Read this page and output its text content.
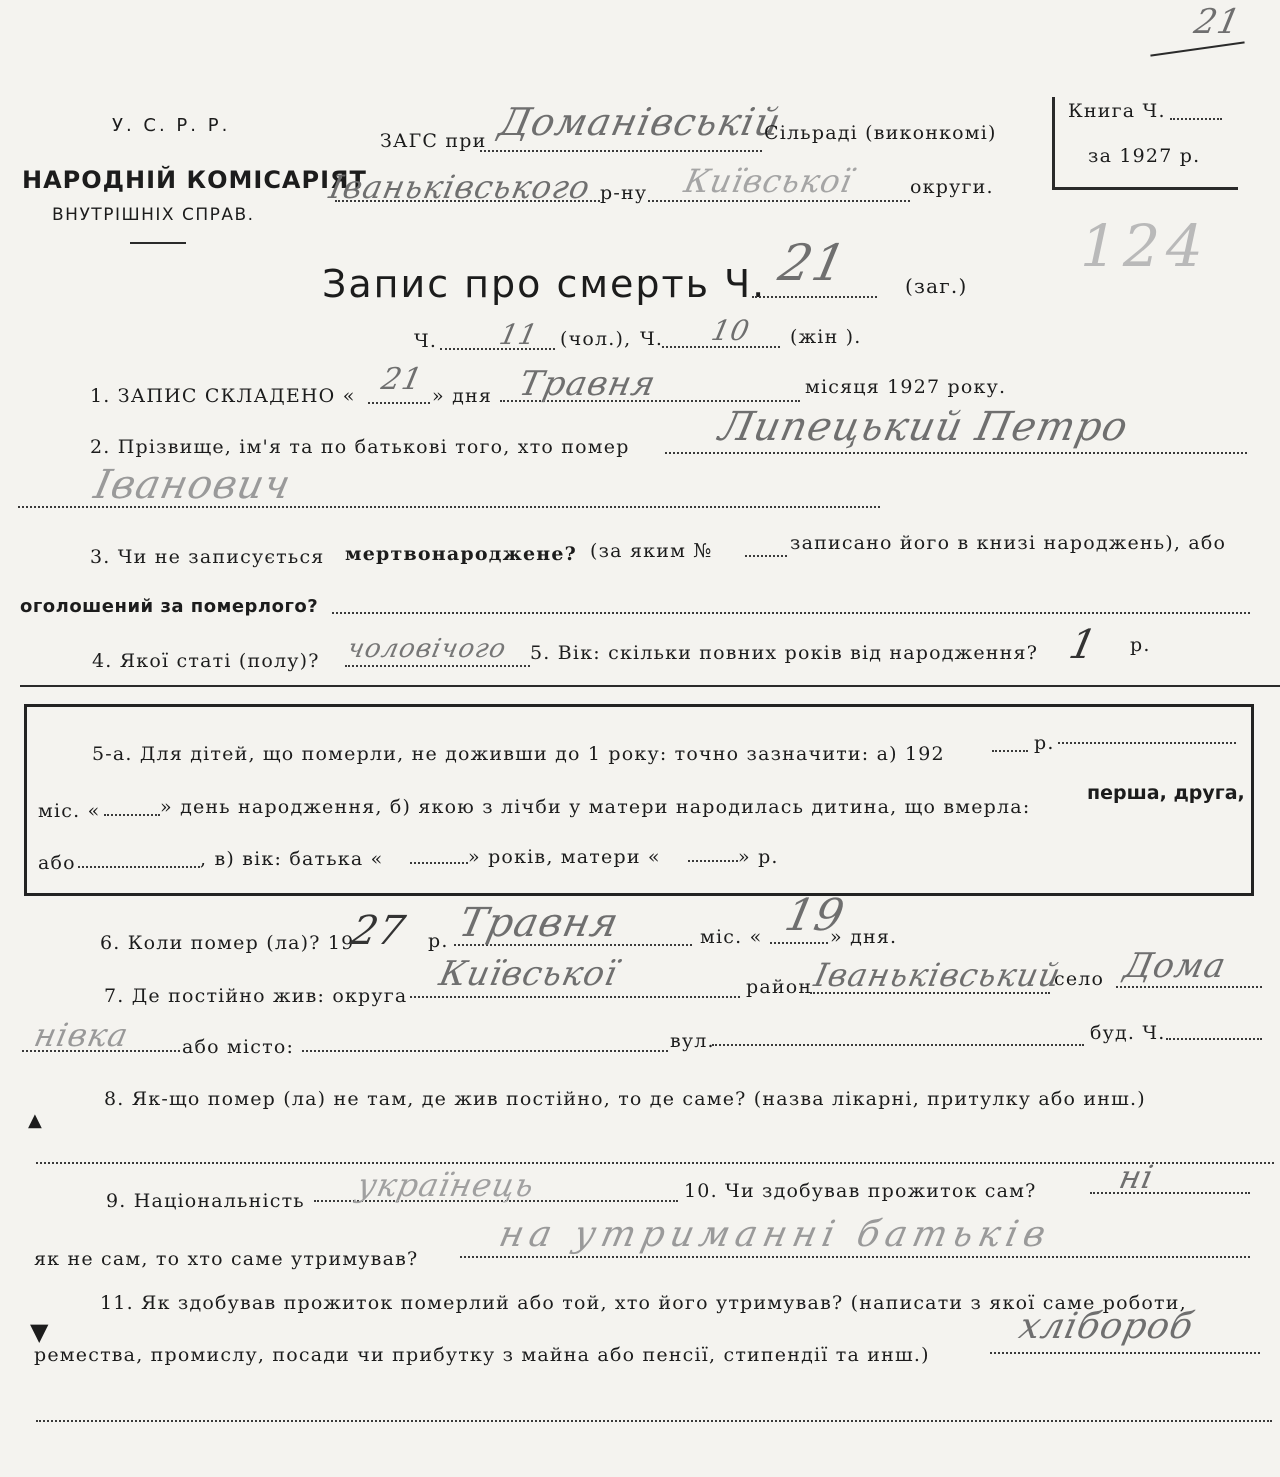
21
124
У. С. Р. Р.
НАРОДНІЙ КОМІСАРІЯТ
ВНУТРІШНІХ СПРАВ.
ЗАГС при Доманівській
Сільраді (виконкомі)
Іваньківського р-ну Київської	округи.
Книга Ч.
за 1927 р.
Запис про смерть Ч. 21	(заг.)
Ч. 11 (чол.), Ч. 10 (жін ).
1. ЗАПИС СКЛАДЕНО « 21 » дня Травня	місяця 1927 року.
2. Прізвище, ім'я та по батькові того, хто помер Липецький Петро
Іванович
3. Чи не записується мертвонароджене? (за яким №	записано його в книзі народжень), або
оголошений за померлого?
4. Якої статі (полу)? чоловічого 5. Вік: скільки повних років від народження? 1 р.
5-а. Для дітей, що померли, не доживши до 1 року: точно зазначити: а) 192	р.
міс. «	» день народження, б) якою з лічби у матери народилась дитина, що вмерла:
перша, друга,
або	, в) вік: батька «	» років, матери «	» р.
6. Коли помер (ла)? 19
27 р. Травня	міс. « 19
» дня.
7. Де постійно жив: округа
Київської	район
Іваньківський
село Дома
нівка	або місто:	вул.	буд. Ч.
8. Як-що помер (ла) не там, де жив постійно, то де саме? (назва лікарні, притулку або инш.)
9. Національність українець	10. Чи здобував прожиток сам? ні
як не сам, то хто саме утримував?
на утриманні батьків
11. Як здобував прожиток померлий або той, хто його утримував? (написати з якої саме роботи,
ремества, промислу, посади чи прибутку з майна або пенсії, стипендії та инш.)
хлібороб
▲
▼
